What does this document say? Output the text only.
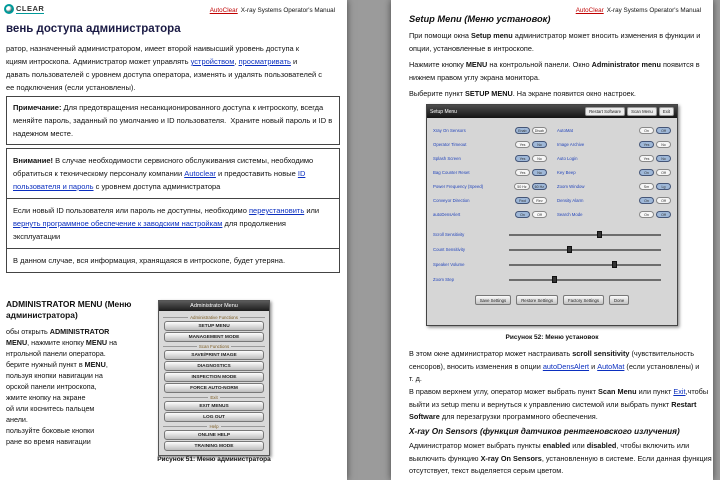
CLEAR	AutoClear X-ray Systems Operator's Manual
вень доступа администратора
ратор, назначенный администратором, имеет второй наивысший уровень доступа к
кциям интроскопа. Администратор может управлять устройством, просматривать и
давать пользователей с уровнем доступа оператора, изменять и удалять пользователей с
ее подключения (если установлены).
Примечание: Для предотвращения несанкционированного доступа к интроскопу, всегда
меняйте пароль, заданный по умолчанию и ID пользователя.  Храните новый пароль и ID в
надежном месте.
Внимание! В случае необходимости сервисного обслуживания системы, необходимо
обратиться к техническому персоналу компании Autoclear и предоставить новые ID
пользователя и пароль с уровнем доступа администратора
Если новый ID пользователя или пароль не доступны, необходимо переустановить или
вернуть программное обеспечение к заводским настройкам для продолжения
эксплуатации
В данном случае, вся информация, хранящаяся в интроскопе, будет утеряна.
ADMINISTRATOR MENU (Меню
администратора)
обы открыть ADMINISTRATOR
MENU, нажмите кнопку MENU на
нтрольной панели оператора.
берите нужный пункт в MENU,
пользуя кнопки навигации на
орской панели интроскопа,
жмите кнопку на экране
ой или коснитесь пальцем
анели.
пользуйте боковые кнопки
ране во время навигации
Administrator Menu
Administrative Functions
SETUP MENU
MANAGEMENT MODE
Scan Functions
SAVE/PRINT IMAGE
DIAGNOSTICS
INSPECTION MODE
FORCE AUTO-NORM
Exit
EXIT MENUS
LOG OUT
Help
ONLINE HELP
TRAINING MODE
Рисунок 51: Меню администратора
AutoClear X-ray Systems Operator's Manual
Setup Menu (Меню установок)
При помощи окна Setup menu администратор может вносить изменения в функции и
опции, установленные в интроскопе.
Нажмите кнопку MENU на контрольной панели. Окно Administrator menu появится в
нижнем правом углу экрана монитора.
Выберите пункт SETUP MENU. На экране появится окно настроек.
Setup Menu	Restart Software	Scan Menu	Exit
Xray On Sensors	Enab	Disab
Operator Timeout	Yes	No
Splash Screen	Yes	No
Bag Counter Reset	Yes	No
Power Frequency (Speed)	50 Hz	60 Hz
Conveyor Direction	Fwd	Rev
autoDensAlert	On	Off
AutoMat	On	Off
Image Archive	Yes	No
Auto Login	Yes	No
Key Beep	On	Off
Zoom Window	Sm	Lg
Density Alarm	On	Off
Search Mode	On	Off
Scroll Sensitivity
Count Sensitivity
Speaker Volume
Zoom Step
Save Settings	Restore Settings	Factory Settings	Done
Рисунок 52: Меню установок
В этом окне администратор может настраивать scroll sensitivity (чувствительность
сенсоров), вносить изменения в опции autoDensAlert и AutoMat (если установлены) и
т. д.
В правом верхнем углу, оператор может выбрать пункт Scan Menu или пункт Exit,чтобы
выйти из setup menu и вернуться к управлению системой или выбрать пункт Restart
Software для перезагрузки программного обеспечения.
X-ray On Sensors (функция датчиков рентгеновского излучения)
Администратор может выбрать пункты enabled или disabled, чтобы включить или
выключить функцию X-ray On Sensors, установленную в системе. Если данная функция
отсутствует, текст выделяется серым цветом.
